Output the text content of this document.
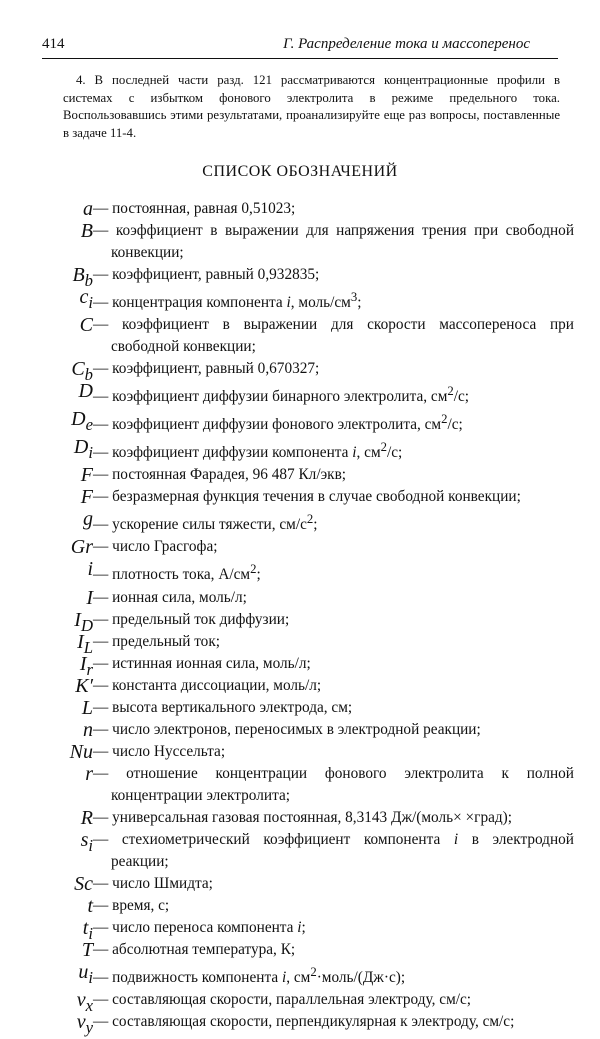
414	Г. Распределение тока и массоперенос
4. В последней части разд. 121 рассматриваются концентрационные профили в системах с избытком фонового электролита в режиме предельного тока. Воспользовавшись этими результатами, проанализируйте еще раз вопросы, поставленные в задаче 11-4.
СПИСОК ОБОЗНАЧЕНИЙ
a — постоянная, равная 0,51023;
B — коэффициент в выражении для напряжения трения при свободной конвекции;
$B_b$ — коэффициент, равный 0,932835;
$c_i$ — концентрация компонента i, моль/$см^3$;
C — коэффициент в выражении для скорости массопереноса при свободной конвекции;
$C_b$ — коэффициент, равный 0,670327;
D — коэффициент диффузии бинарного электролита, $см^2/с$;
$D_e$ — коэффициент диффузии фонового электролита, $см^2/с$;
$D_i$ — коэффициент диффузии компонента i, $см^2/с$;
F — постоянная Фарадея, 96 487 Кл/экв;
F — безразмерная функция течения в случае свободной конвекции;
g — ускорение силы тяжести, $см/с^2$;
Gr — число Грасгофа;
i — плотность тока, $А/см^2$;
I — ионная сила, моль/л;
$I_D$ — предельный ток диффузии;
$I_L$ — предельный ток;
$I_r$ — истинная ионная сила, моль/л;
K′ — константа диссоциации, моль/л;
L — высота вертикального электрода, см;
n — число электронов, переносимых в электродной реакции;
Nu — число Нуссельта;
r — отношение концентрации фонового электролита к полной концентрации электролита;
R — универсальная газовая постоянная, 8,3143 Дж/(моль× ×град);
$s_i$ — стехиометрический коэффициент компонента i в электродной реакции;
Sc — число Шмидта;
t — время, с;
$t_i$ — число переноса компонента i;
T — абсолютная температура, К;
$u_i$ — подвижность компонента i, $см^2\cdot моль/(Дж\cdot с)$;
$v_x$ — составляющая скорости, параллельная электроду, см/с;
$v_y$ — составляющая скорости, перпендикулярная к электроду, см/с;
